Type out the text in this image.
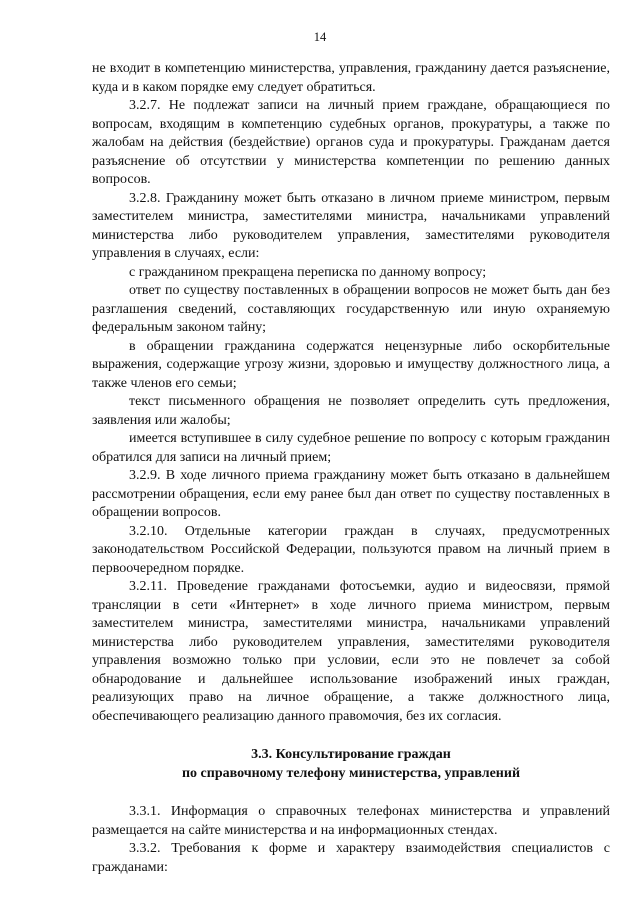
14

не входит в компетенцию министерства, управления, гражданину дается разъяснение, куда и в каком порядке ему следует обратиться.

3.2.7. Не подлежат записи на личный прием граждане, обращающиеся по вопросам, входящим в компетенцию судебных органов, прокуратуры, а также по жалобам на действия (бездействие) органов суда и прокуратуры. Гражданам дается разъяснение об отсутствии у министерства компетенции по решению данных вопросов.

3.2.8. Гражданину может быть отказано в личном приеме министром, первым заместителем министра, заместителями министра, начальниками управлений министерства либо руководителем управления, заместителями руководителя управления в случаях, если:

с гражданином прекращена переписка по данному вопросу;

ответ по существу поставленных в обращении вопросов не может быть дан без разглашения сведений, составляющих государственную или иную охраняемую федеральным законом тайну;

в обращении гражданина содержатся нецензурные либо оскорбительные выражения, содержащие угрозу жизни, здоровью и имуществу должностного лица, а также членов его семьи;

текст письменного обращения не позволяет определить суть предложения, заявления или жалобы;

имеется вступившее в силу судебное решение по вопросу с которым гражданин обратился для записи на личный прием;

3.2.9. В ходе личного приема гражданину может быть отказано в дальнейшем рассмотрении обращения, если ему ранее был дан ответ по существу поставленных в обращении вопросов.

3.2.10. Отдельные категории граждан в случаях, предусмотренных законодательством Российской Федерации, пользуются правом на личный прием в первоочередном порядке.

3.2.11. Проведение гражданами фотосъемки, аудио и видеосвязи, прямой трансляции в сети «Интернет» в ходе личного приема министром, первым заместителем министра, заместителями министра, начальниками управлений министерства либо руководителем управления, заместителями руководителя управления возможно только при условии, если это не повлечет за собой обнародование и дальнейшее использование изображений иных граждан, реализующих право на личное обращение, а также должностного лица, обеспечивающего реализацию данного правомочия, без их согласия.

3.3. Консультирование граждан
по справочному телефону министерства, управлений

3.3.1. Информация о справочных телефонах министерства и управлений размещается на сайте министерства и на информационных стендах.

3.3.2. Требования к форме и характеру взаимодействия специалистов с гражданами:
